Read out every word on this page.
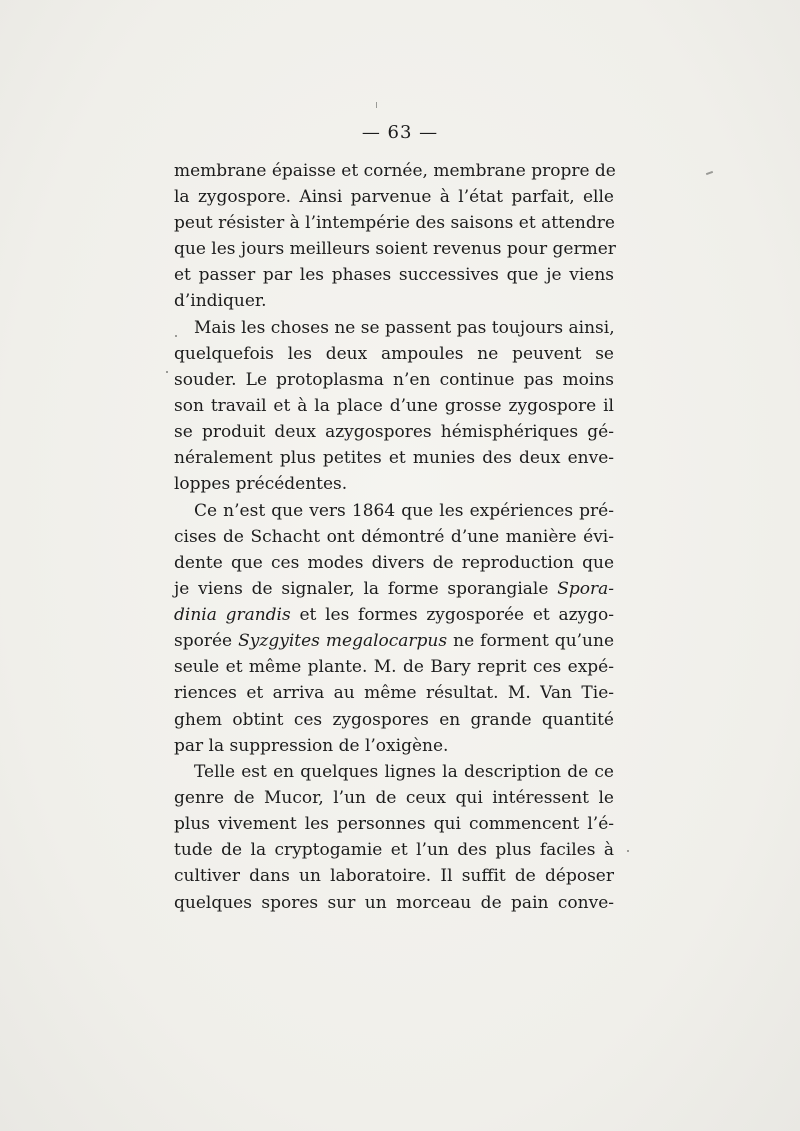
— 63 —
membrane épaisse et cornée, membrane propre de
la zygospore. Ainsi parvenue à l’état parfait, elle
peut résister à l’intempérie des saisons et attendre
que les jours meilleurs soient revenus pour germer
et passer par les phases successives que je viens
d’indiquer.
Mais les choses ne se passent pas toujours ainsi,
quelquefois les deux ampoules ne peuvent se
souder. Le protoplasma n’en continue pas moins
son travail et à la place d’une grosse zygospore il
se produit deux azygospores hémisphériques gé-
néralement plus petites et munies des deux enve-
loppes précédentes.
Ce n’est que vers 1864 que les expériences pré-
cises de Schacht ont démontré d’une manière évi-
dente que ces modes divers de reproduction que
je viens de signaler, la forme sporangiale Spora-
dinia grandis et les formes zygosporée et azygo-
sporée Syzgyites megalocarpus ne forment qu’une
seule et même plante. M. de Bary reprit ces expé-
riences et arriva au même résultat. M. Van Tie-
ghem obtint ces zygospores en grande quantité
par la suppression de l’oxigène.
Telle est en quelques lignes la description de ce
genre de Mucor, l’un de ceux qui intéressent le
plus vivement les personnes qui commencent l’é-
tude de la cryptogamie et l’un des plus faciles à
cultiver dans un laboratoire. Il suffit de déposer
quelques spores sur un morceau de pain conve-
